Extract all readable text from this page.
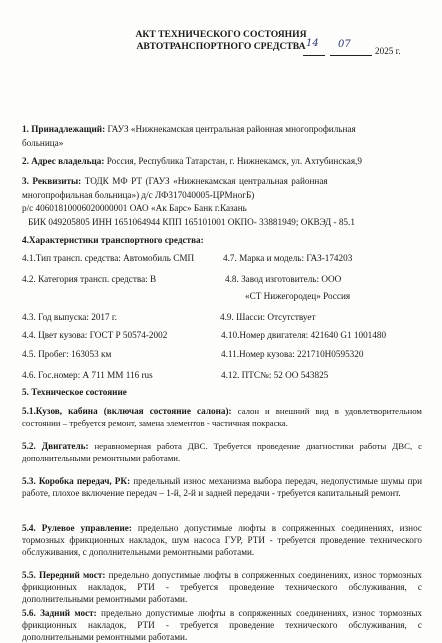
АКТ ТЕХНИЧЕСКОГО СОСТОЯНИЯ
АВТОТРАНСПОРТНОГО СРЕДСТВА 14 07
2025 г.
1. Принадлежащий: ГАУЗ «Нижнекамская центральная районная многопрофильная
больница»
2. Адрес владельца: Россия, Республика Татарстан, г. Нижнекамск, ул. Ахтубинская,9
3. Реквизиты: ТОДК МФ РТ (ГАУЗ «Нижнекамская центральная районная
многопрофильная больница») д/с ЛФ317040005-ЦРМногБ)
р/с 40601810006020000001 ОАО «Ак Барс» Банк г.Казань
БИК 049205805 ИНН 1651064944 КПП 165101001 ОКПО- 33881949; ОКВЭД - 85.1
4.Характеристики транспортного средства:
4.1.Тип трансп. средства: Автомобиль СМП	4.7. Марка и модель: ГАЗ-174203
4.2. Категория трансп. средства: В	4.8. Завод изготовитель: ООО
«СТ Нижегородец» Россия
4.3. Год выпуска: 2017 г.	4.9. Шасси: Отсутствует
4.4. Цвет кузова: ГОСТ Р 50574-2002	4.10.Номер двигателя: 421640 G1 1001480
4.5. Пробег: 163053 км	4.11.Номер кузова: 221710H0595320
4.6. Гос.номер: А 711 ММ 116 rus	4.12. ПТС№: 52 ОО 543825
5. Техническое состояние
5.1.Кузов, кабина (включая состояние салона): салон и внешний вид в удовлетворительном состоянии – требуется ремонт, замена элементов - частичная покраска.
5.2. Двигатель: неравномерная работа ДВС. Требуется проведение диагностики работы ДВС, с дополнительными ремонтными работами.
5.3. Коробка передач, РК: предельный износ механизма выбора передач, недопустимые шумы при работе, плохое включение передач – 1-й, 2-й и задней передачи - требуется капитальный ремонт.
5.4. Рулевое управление: предельно допустимые люфты в сопряженных соединениях, износ тормозных фрикционных накладок, шум насоса ГУР, РТИ - требуется проведение технического обслуживания, с дополнительными ремонтными работами.
5.5. Передний мост: предельно допустимые люфты в сопряженных соединениях, износ тормозных фрикционных накладок, РТИ - требуется проведение технического обслуживания, с дополнительными ремонтными работами.
5.6. Задний мост: предельно допустимые люфты в сопряженных соединениях, износ тормозных фрикционных накладок, РТИ - требуется проведение технического обслуживания, с дополнительными ремонтными работами.
